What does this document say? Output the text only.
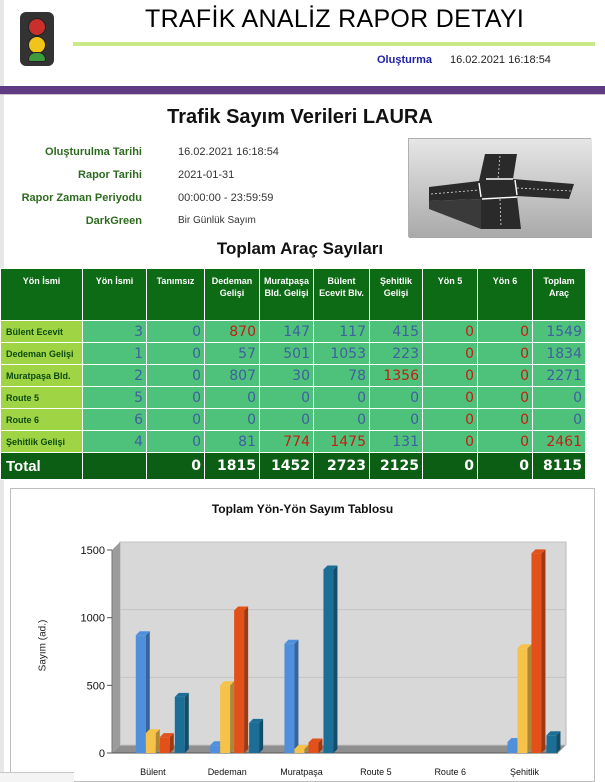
TRAFİK ANALİZ RAPOR DETAYI
Oluşturma 16.02.2021 16:18:54
Trafik Sayım Verileri LAURA
Oluşturulma Tarihi	16.02.2021 16:18:54
Rapor Tarihi	2021-01-31
Rapor Zaman Periyodu	00:00:00 - 23:59:59
DarkGreen	Bir Günlük Sayım
Toplam Araç Sayıları
Yön İsmi	Yön İsmi	Tanımsız	Dedeman Gelişi	Muratpaşa Bld. Gelişi	Bülent Ecevit Blv.	Şehitlik Gelişi	Yön 5	Yön 6	Toplam Araç
Bülent Ecevit	3	0	870	147	117	415	0	0	1549
Dedeman Gelişi	1	0	57	501	1053	223	0	0	1834
Muratpaşa Bld.	2	0	807	30	78	1356	0	0	2271
Route 5	5	0	0	0	0	0	0	0	0
Route 6	6	0	0	0	0	0	0	0	0
Şehitlik Gelişi	4	0	81	774	1475	131	0	0	2461
Total		0	1815	1452	2723	2125	0	0	8115
Toplam Yön-Yön Sayım Tablosu
Sayım (ad.)
0
500
1000
1500
Bülent	Dedeman	Muratpaşa	Route 5	Route 6	Şehitlik
